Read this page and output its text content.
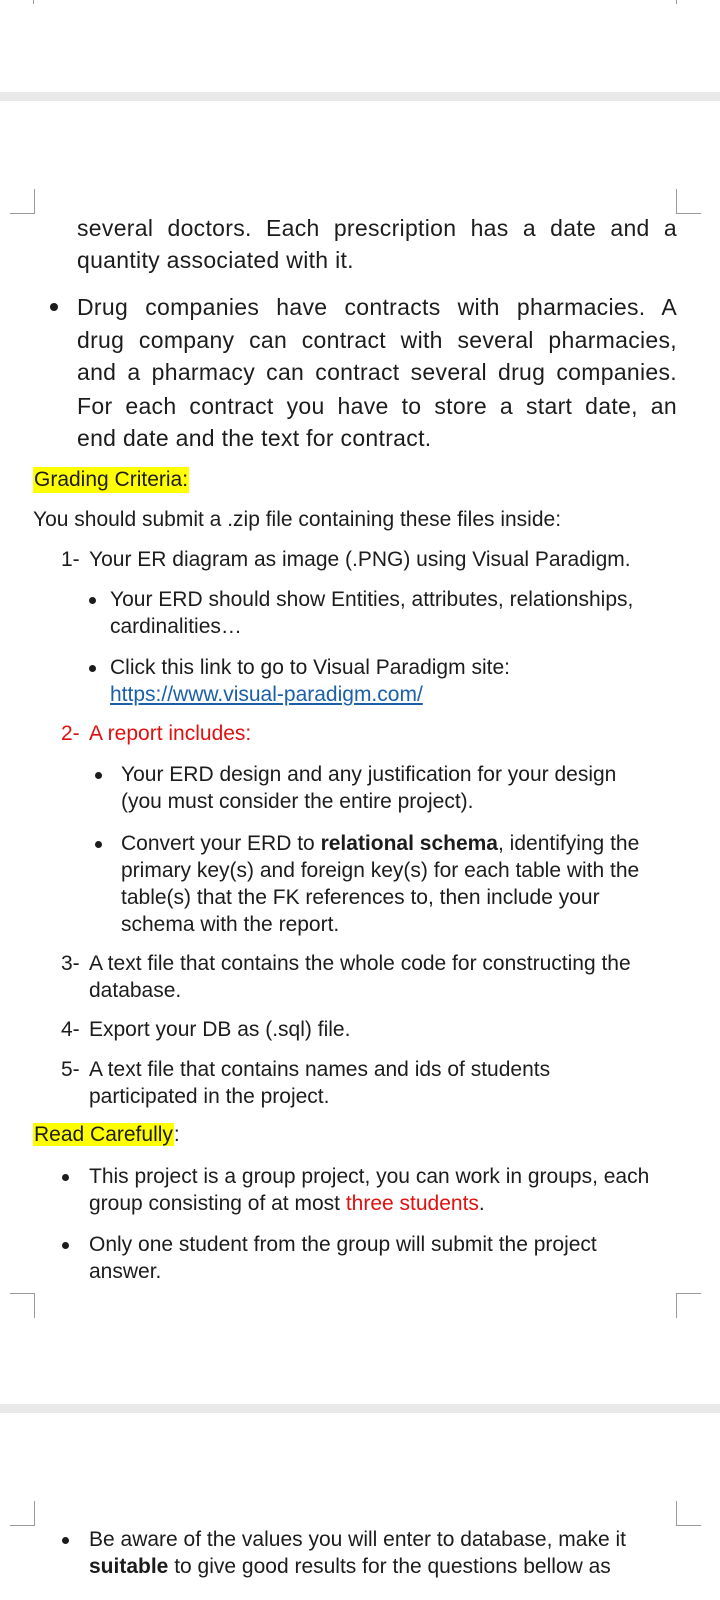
several doctors. Each prescription has a date and a
quantity associated with it.
Drug companies have contracts with pharmacies. A
drug company can contract with several pharmacies,
and a pharmacy can contract several drug companies.
For each contract you have to store a start date, an
end date and the text for contract.
Grading Criteria:
You should submit a .zip file containing these files inside:
1- Your ER diagram as image (.PNG) using Visual Paradigm.
Your ERD should show Entities, attributes, relationships,
cardinalities…
Click this link to go to Visual Paradigm site:
https://www.visual-paradigm.com/
2- A report includes:
Your ERD design and any justification for your design
(you must consider the entire project).
Convert your ERD to relational schema, identifying the
primary key(s) and foreign key(s) for each table with the
table(s) that the FK references to, then include your
schema with the report.
3- A text file that contains the whole code for constructing the
database.
4- Export your DB as (.sql) file.
5- A text file that contains names and ids of students
participated in the project.
Read Carefully:
This project is a group project, you can work in groups, each
group consisting of at most three students.
Only one student from the group will submit the project
answer.
Be aware of the values you will enter to database, make it
suitable to give good results for the questions bellow as
